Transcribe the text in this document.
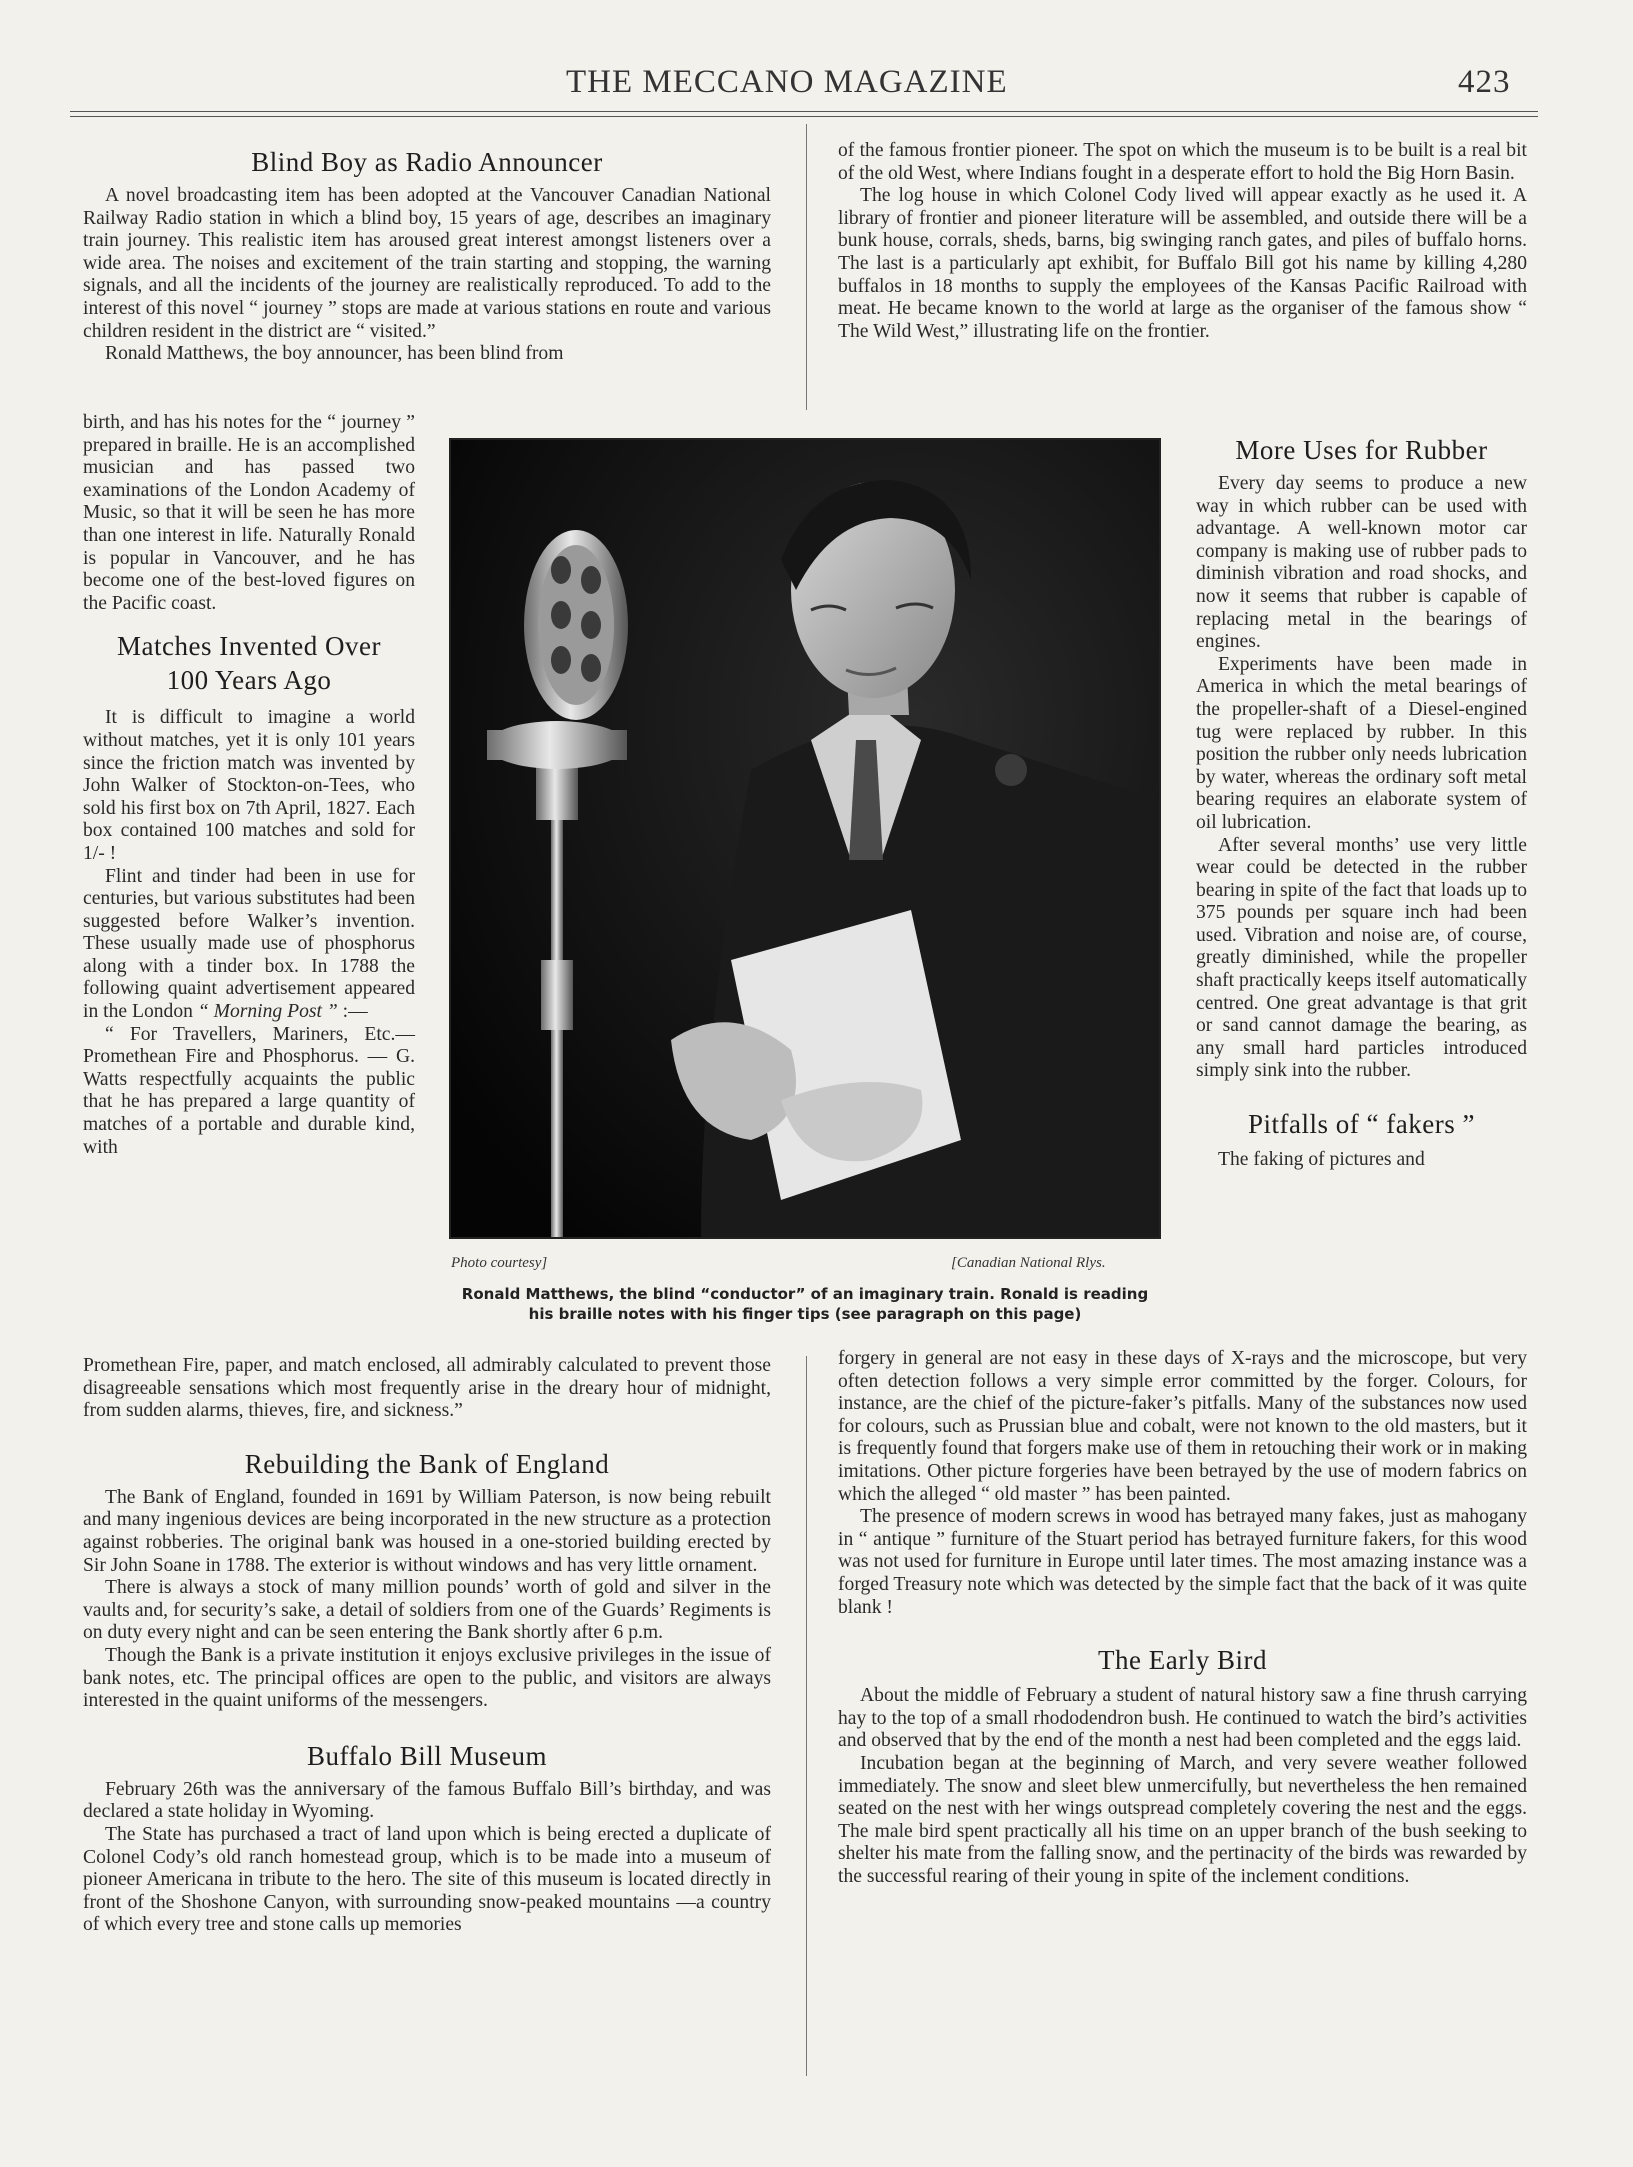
THE MECCANO MAGAZINE	423
Blind Boy as Radio Announcer

A novel broadcasting item has been adopted at the Vancouver Canadian National Railway Radio station in which a blind boy, 15 years of age, describes an imaginary train journey. This realistic item has aroused great interest amongst listeners over a wide area. The noises and excitement of the train starting and stopping, the warning signals, and all the incidents of the journey are realistically reproduced. To add to the interest of this novel “ journey ” stops are made at various stations en route and various children resident in the district are “ visited.”

Ronald Matthews, the boy announcer, has been blind from

birth, and has his notes for the “ journey ” prepared in braille. He is an accomplished musician and has passed two examinations of the London Academy of Music, so that it will be seen he has more than one interest in life. Naturally Ronald is popular in Vancouver, and he has become one of the best-loved figures on the Pacific coast.

Matches Invented Over
100 Years Ago

It is difficult to imagine a world without matches, yet it is only 101 years since the friction match was invented by John Walker of Stockton-on-Tees, who sold his first box on 7th April, 1827. Each box contained 100 matches and sold for 1/- !

Flint and tinder had been in use for centuries, but various substitutes had been suggested before Walker’s invention. These usually made use of phosphorus along with a tinder box. In 1788 the following quaint advertisement appeared in the London “ Morning Post ” :—

“ For Travellers, Mariners, Etc.—Promethean Fire and Phosphorus. — G. Watts respectfully acquaints the public that he has prepared a large quantity of matches of a portable and durable kind, with

Promethean Fire, paper, and match enclosed, all admirably calculated to prevent those disagreeable sensations which most frequently arise in the dreary hour of midnight, from sudden alarms, thieves, fire, and sickness.”

Rebuilding the Bank of England

The Bank of England, founded in 1691 by William Paterson, is now being rebuilt and many ingenious devices are being incorporated in the new structure as a protection against robberies. The original bank was housed in a one-storied building erected by Sir John Soane in 1788. The exterior is without windows and has very little ornament.

There is always a stock of many million pounds’ worth of gold and silver in the vaults and, for security’s sake, a detail of soldiers from one of the Guards’ Regiments is on duty every night and can be seen entering the Bank shortly after 6 p.m.

Though the Bank is a private institution it enjoys exclusive privileges in the issue of bank notes, etc. The principal offices are open to the public, and visitors are always interested in the quaint uniforms of the messengers.

Buffalo Bill Museum

February 26th was the anniversary of the famous Buffalo Bill’s birthday, and was declared a state holiday in Wyoming.

The State has purchased a tract of land upon which is being erected a duplicate of Colonel Cody’s old ranch homestead group, which is to be made into a museum of pioneer Americana in tribute to the hero. The site of this museum is located directly in front of the Shoshone Canyon, with surrounding snow-peaked mountains —a country of which every tree and stone calls up memories

of the famous frontier pioneer. The spot on which the museum is to be built is a real bit of the old West, where Indians fought in a desperate effort to hold the Big Horn Basin.

The log house in which Colonel Cody lived will appear exactly as he used it. A library of frontier and pioneer literature will be assembled, and outside there will be a bunk house, corrals, sheds, barns, big swinging ranch gates, and piles of buffalo horns. The last is a particularly apt exhibit, for Buffalo Bill got his name by killing 4,280 buffalos in 18 months to supply the employees of the Kansas Pacific Railroad with meat. He became known to the world at large as the organiser of the famous show “ The Wild West,” illustrating life on the frontier.

More Uses for Rubber

Every day seems to produce a new way in which rubber can be used with advantage. A well-known motor car company is making use of rubber pads to diminish vibration and road shocks, and now it seems that rubber is capable of replacing metal in the bearings of engines.

Experiments have been made in America in which the metal bearings of the propeller-shaft of a Diesel-engined tug were replaced by rubber. In this position the rubber only needs lubrication by water, whereas the ordinary soft metal bearing requires an elaborate system of oil lubrication.

After several months’ use very little wear could be detected in the rubber bearing in spite of the fact that loads up to 375 pounds per square inch had been used. Vibration and noise are, of course, greatly diminished, while the propeller shaft practically keeps itself automatically centred. One great advantage is that grit or sand cannot damage the bearing, as any small hard particles introduced simply sink into the rubber.

Pitfalls of “ fakers ”

The faking of pictures and

forgery in general are not easy in these days of X-rays and the microscope, but very often detection follows a very simple error committed by the forger. Colours, for instance, are the chief of the picture-faker’s pitfalls. Many of the substances now used for colours, such as Prussian blue and cobalt, were not known to the old masters, but it is frequently found that forgers make use of them in retouching their work or in making imitations. Other picture forgeries have been betrayed by the use of modern fabrics on which the alleged “ old master ” has been painted.

The presence of modern screws in wood has betrayed many fakes, just as mahogany in “ antique ” furniture of the Stuart period has betrayed furniture fakers, for this wood was not used for furniture in Europe until later times. The most amazing instance was a forged Treasury note which was detected by the simple fact that the back of it was quite blank !

The Early Bird

About the middle of February a student of natural history saw a fine thrush carrying hay to the top of a small rhododendron bush. He continued to watch the bird’s activities and observed that by the end of the month a nest had been completed and the eggs laid.

Incubation began at the beginning of March, and very severe weather followed immediately. The snow and sleet blew unmercifully, but nevertheless the hen remained seated on the nest with her wings outspread completely covering the nest and the eggs. The male bird spent practically all his time on an upper branch of the bush seeking to shelter his mate from the falling snow, and the pertinacity of the birds was rewarded by the successful rearing of their young in spite of the inclement conditions.

Photo courtesy]	[Canadian National Rlys.
Ronald Matthews, the blind “conductor” of an imaginary train. Ronald is reading
his braille notes with his finger tips (see paragraph on this page)
